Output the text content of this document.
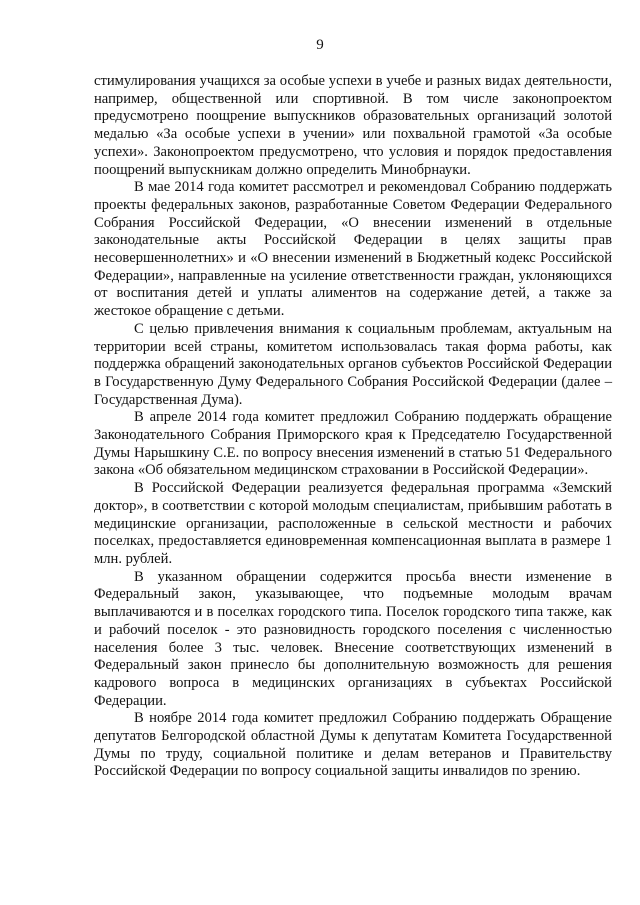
9

стимулирования учащихся за особые успехи в учебе и разных видах деятельности, например, общественной или спортивной. В том числе законопроектом предусмотрено поощрение выпускников образовательных организаций золотой медалью «За особые успехи в учении» или похвальной грамотой «За особые успехи». Законопроектом предусмотрено, что условия и порядок предоставления поощрений выпускникам должно определить Минобрнауки.

В мае 2014 года комитет рассмотрел и рекомендовал Собранию поддержать проекты федеральных законов, разработанные Советом Федерации Федерального Собрания Российской Федерации, «О внесении изменений в отдельные законодательные акты Российской Федерации в целях защиты прав несовершеннолетних» и «О внесении изменений в Бюджетный кодекс Российской Федерации», направленные на усиление ответственности граждан, уклоняющихся от воспитания детей и уплаты алиментов на содержание детей, а также за жестокое обращение с детьми.

С целью привлечения внимания к социальным проблемам, актуальным на территории всей страны, комитетом использовалась такая форма работы, как поддержка обращений законодательных органов субъектов Российской Федерации в Государственную Думу Федерального Собрания Российской Федерации (далее – Государственная Дума).

В апреле 2014 года комитет предложил Собранию поддержать обращение Законодательного Собрания Приморского края к Председателю Государственной Думы Нарышкину С.Е. по вопросу внесения изменений в статью 51 Федерального закона «Об обязательном медицинском страховании в Российской Федерации».

В Российской Федерации реализуется федеральная программа «Земский доктор», в соответствии с которой молодым специалистам, прибывшим работать в медицинские организации, расположенные в сельской местности и рабочих поселках, предоставляется единовременная компенсационная выплата в размере 1 млн. рублей.

В указанном обращении содержится просьба внести изменение в Федеральный закон, указывающее, что подъемные молодым врачам выплачиваются и в поселках городского типа. Поселок городского типа также, как и рабочий поселок - это разновидность городского поселения с численностью населения более 3 тыс. человек. Внесение соответствующих изменений в Федеральный закон принесло бы дополнительную возможность для решения кадрового вопроса в медицинских организациях в субъектах Российской Федерации.

В ноябре 2014 года комитет предложил Собранию поддержать Обращение депутатов Белгородской областной Думы к депутатам Комитета Государственной Думы по труду, социальной политике и делам ветеранов и Правительству Российской Федерации по вопросу социальной защиты инвалидов по зрению.
